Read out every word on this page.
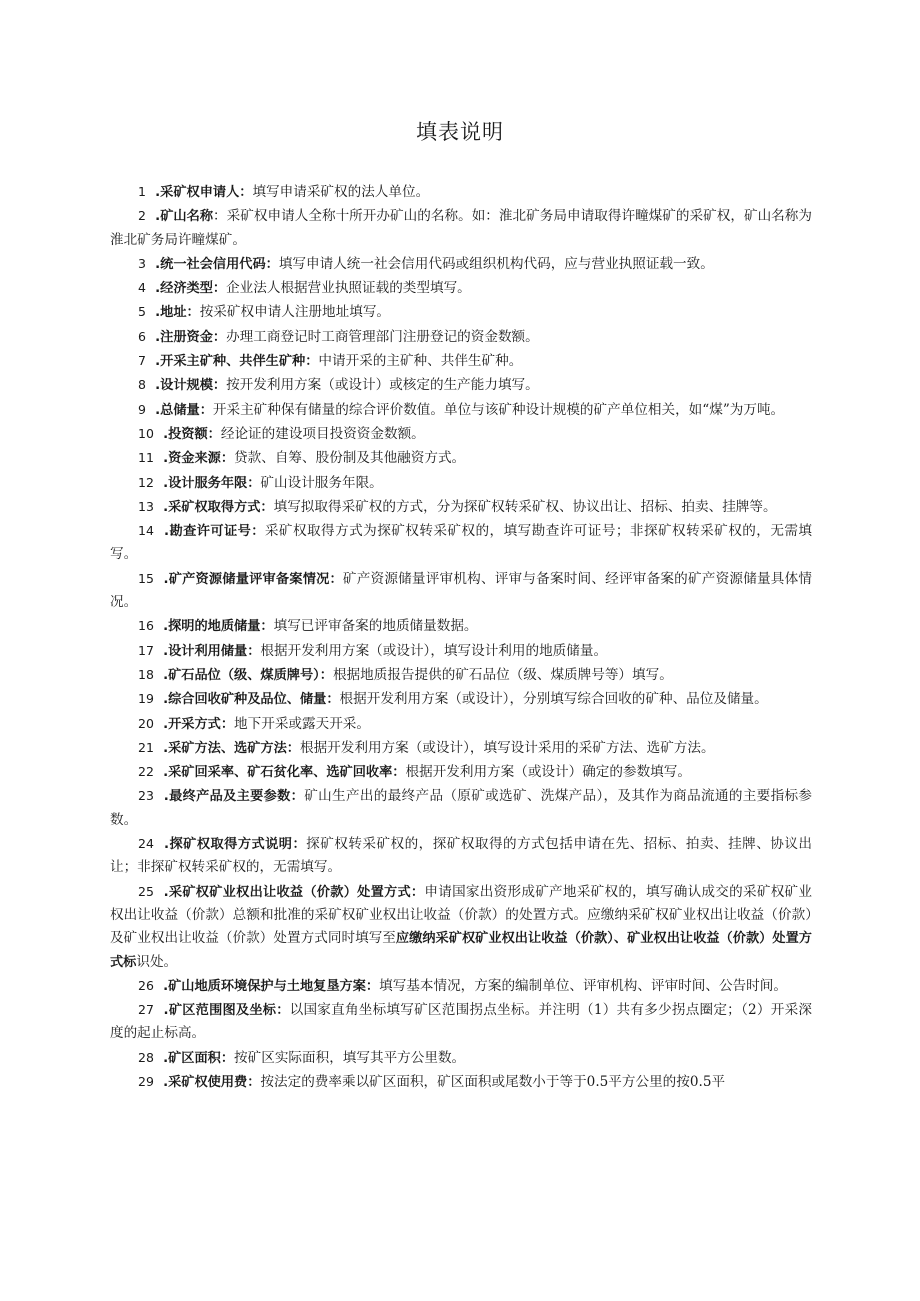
填表说明

1  .采矿权申请人：填写申请采矿权的法人单位。

2  .矿山名称：采矿权申请人全称十所开办矿山的名称。如：淮北矿务局申请取得许疃煤矿的采矿权，矿山名称为淮北矿务局许疃煤矿。

3  .统一社会信用代码：填写申请人统一社会信用代码或组织机构代码，应与营业执照证载一致。

4  .经济类型：企业法人根据营业执照证载的类型填写。

5  .地址：按采矿权申请人注册地址填写。

6  .注册资金：办理工商登记时工商管理部门注册登记的资金数额。

7  .开采主矿种、共伴生矿种：中请开采的主矿种、共伴生矿种。

8  .设计规模：按开发利用方案（或设计）或核定的生产能力填写。

9  .总储量：开采主矿种保有储量的综合评价数值。单位与该矿种设计规模的矿产单位相关，如“煤”为万吨。

10  .投资额：经论证的建设项目投资资金数额。

11  .资金来源：贷款、自筹、股份制及其他融资方式。

12  .设计服务年限：矿山设计服务年限。

13  .采矿权取得方式：填写拟取得采矿权的方式，分为探矿权转采矿权、协议出让、招标、拍卖、挂牌等。

14  .勘查许可证号：采矿权取得方式为探矿权转采矿权的，填写勘查许可证号；非探矿权转采矿权的，无需填写。

15  .矿产资源储量评审备案情况：矿产资源储量评审机构、评审与备案时间、经评审备案的矿产资源储量具体情况。

16  .探明的地质储量：填写已评审备案的地质储量数据。

17  .设计利用储量：根据开发利用方案（或设计），填写设计利用的地质储量。

18  .矿石品位（级、煤质牌号）：根据地质报告提供的矿石品位（级、煤质牌号等）填写。

19  .综合回收矿种及品位、储量：根据开发利用方案（或设计），分别填写综合回收的矿种、品位及储量。

20  .开采方式：地下开采或露天开采。

21  .采矿方法、选矿方法：根据开发利用方案（或设计），填写设计采用的采矿方法、选矿方法。

22  .采矿回采率、矿石贫化率、选矿回收率：根据开发利用方案（或设计）确定的参数填写。

23  .最终产品及主要参数：矿山生产出的最终产品（原矿或选矿、洗煤产品），及其作为商品流通的主要指标参数。

24  .探矿权取得方式说明：探矿权转采矿权的，探矿权取得的方式包括申请在先、招标、拍卖、挂牌、协议出让；非探矿权转采矿权的，无需填写。

25  .采矿权矿业权出让收益（价款）处置方式：申请国家出资形成矿产地采矿权的，填写确认成交的采矿权矿业权出让收益（价款）总额和批准的采矿权矿业权出让收益（价款）的处置方式。应缴纳采矿权矿业权出让收益（价款）及矿业权出让收益（价款）处置方式同时填写至应缴纳采矿权矿业权出让收益（价款）、矿业权出让收益（价款）处置方式标识处。

26  .矿山地质环境保护与土地复垦方案：填写基本情况，方案的编制单位、评审机构、评审时间、公告时间。

27  .矿区范围图及坐标：以国家直角坐标填写矿区范围拐点坐标。并注明（1）共有多少拐点圈定；（2）开采深度的起止标高。

28  .矿区面积：按矿区实际面积，填写其平方公里数。

29  .采矿权使用费：按法定的费率乘以矿区面积，矿区面积或尾数小于等于0.5平方公里的按0.5平
